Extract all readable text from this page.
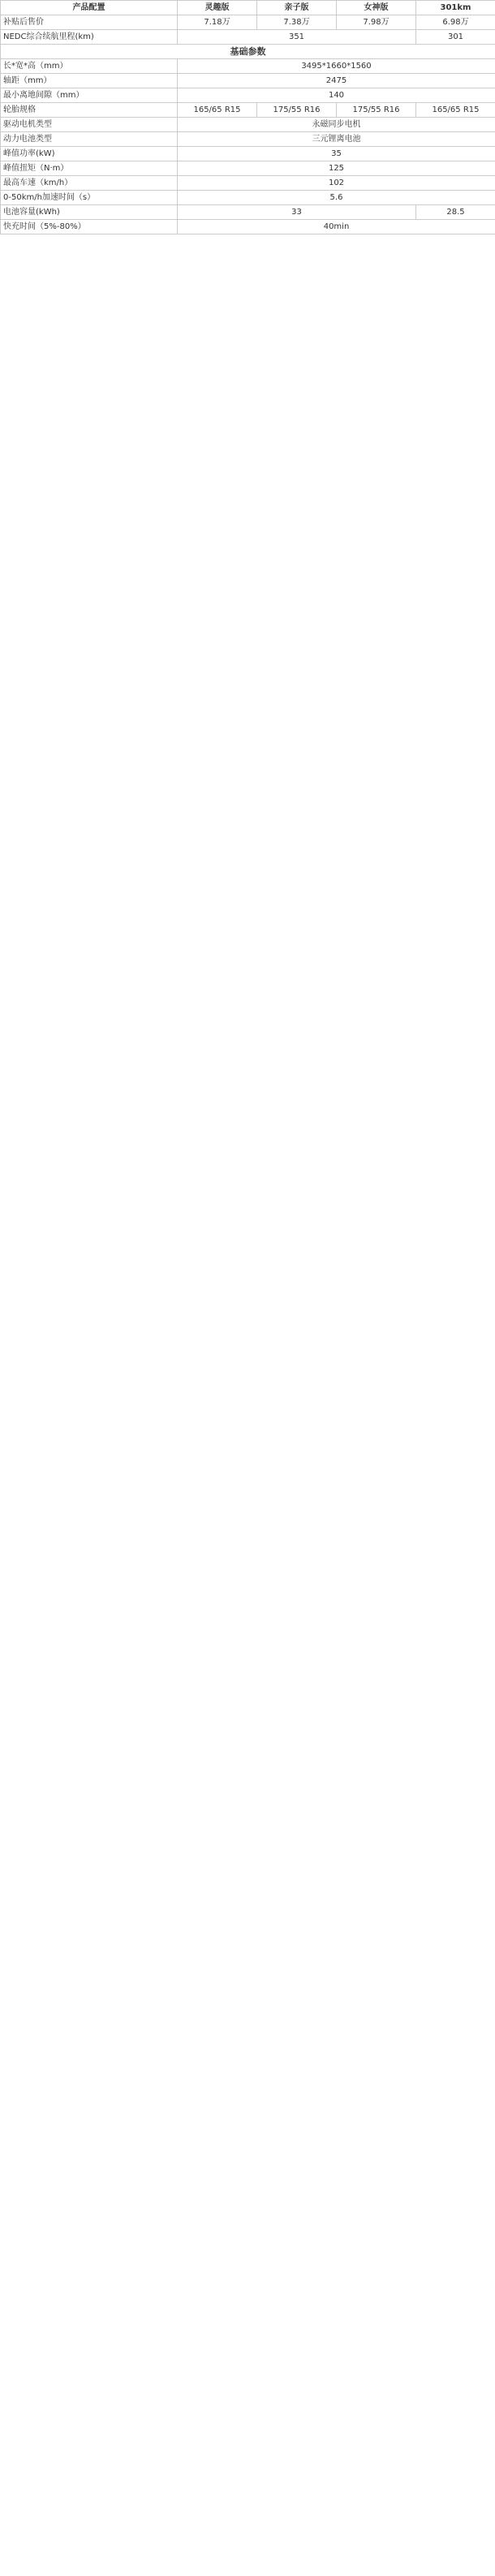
产品配置	灵趣版	亲子版	女神版	301km
补贴后售价	7.18万	7.38万	7.98万	6.98万
NEDC综合续航里程(km)	351			301
基础参数				
长*宽*高（mm）	3495*1660*1560			
轴距（mm）	2475			
最小离地间隙（mm）	140			
轮胎规格	165/65 R15	175/55 R16	175/55 R16	165/65 R15
驱动电机类型	永磁同步电机			
动力电池类型	三元锂离电池			
峰值功率(kW)	35			
峰值扭矩（N·m）	125			
最高车速（km/h）	102			
0-50km/h加速时间（s）	5.6			
电池容量(kWh)	33			28.5
快充时间（5%-80%）	40min			
